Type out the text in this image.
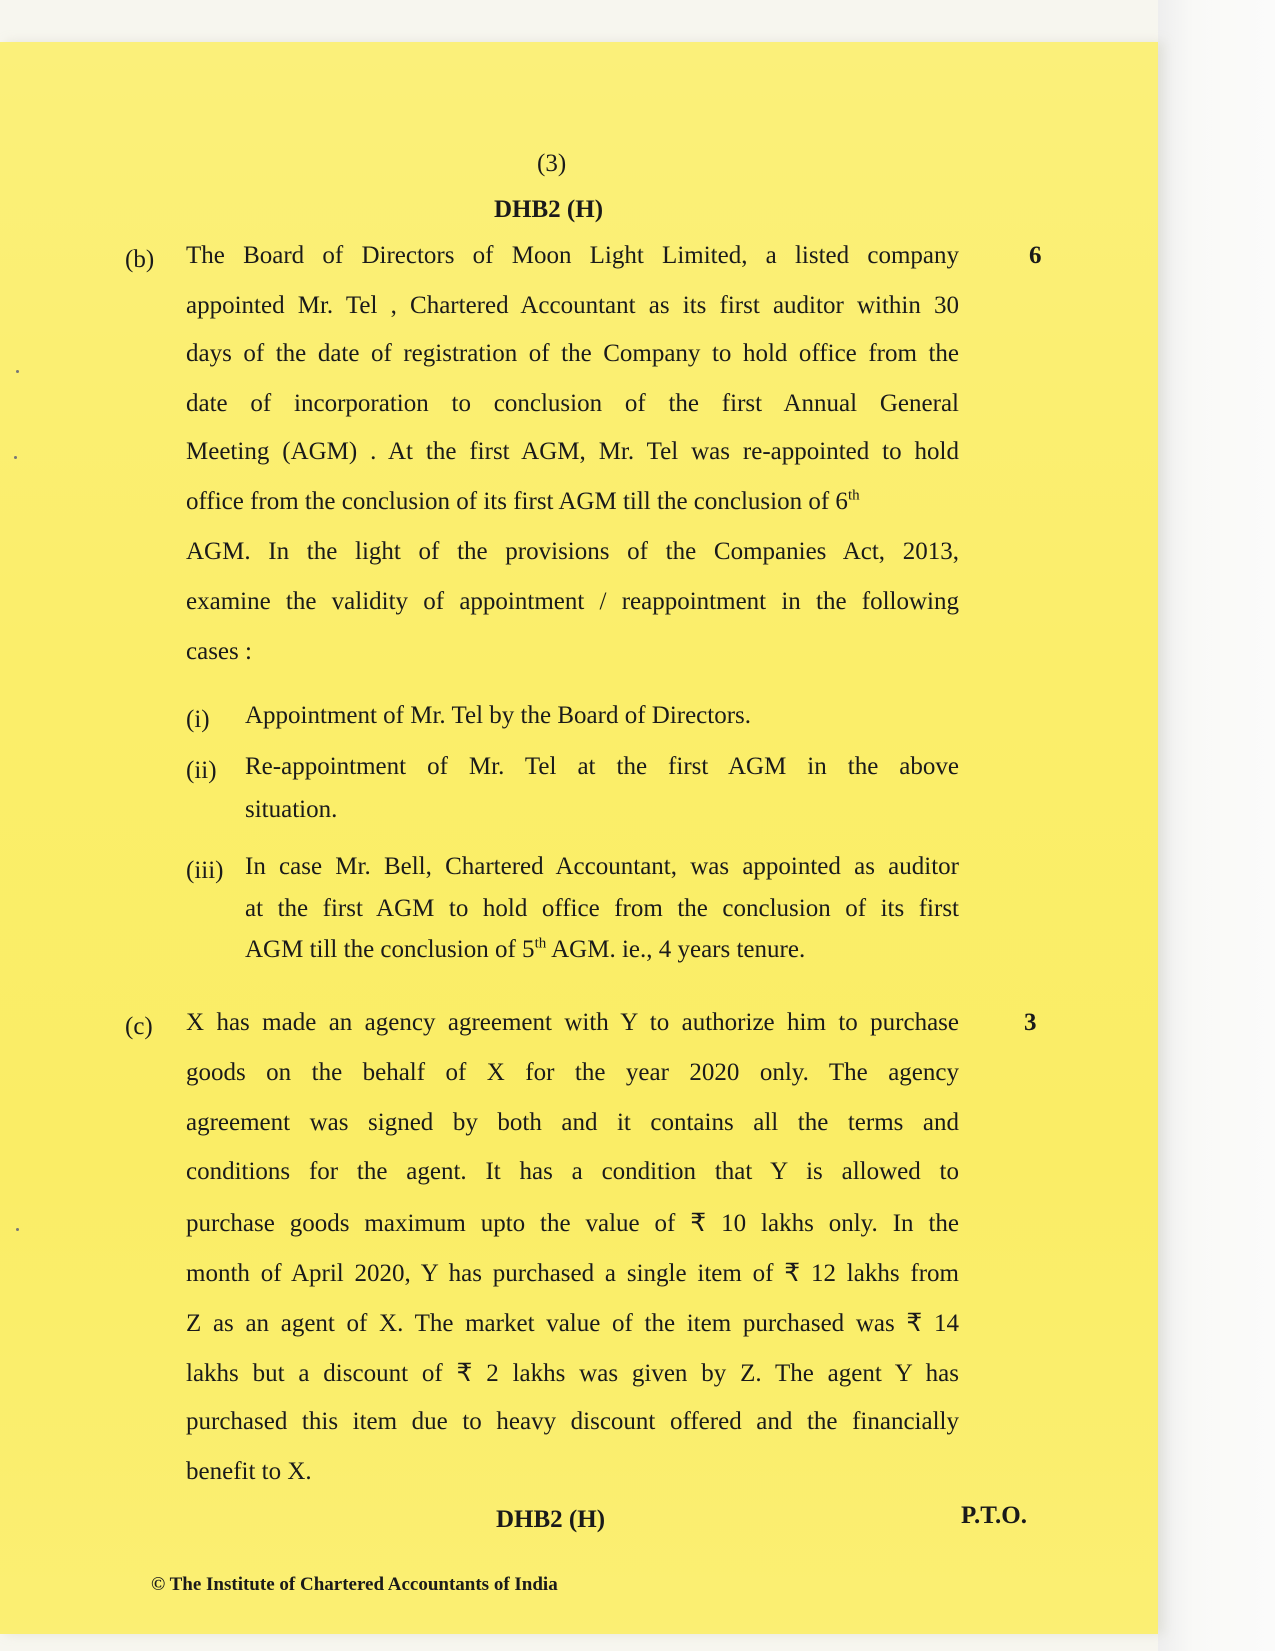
(3)
DHB2 (H)
(b)	6
The Board of Directors of Moon Light Limited, a listed company
appointed Mr. Tel , Chartered Accountant as its first auditor within 30
days of the date of registration of the Company to hold office from the
date of incorporation to conclusion of the first Annual General
Meeting (AGM) . At the first AGM, Mr. Tel was re-appointed to hold
office from the conclusion of its first AGM till the conclusion of 6th
AGM. In the light of the provisions of the Companies Act, 2013,
examine the validity of appointment / reappointment in the following
cases :
(i) Appointment of Mr. Tel by the Board of Directors.
(ii) Re-appointment of Mr. Tel at the first AGM in the above
situation.
(iii) In case Mr. Bell, Chartered Accountant, was appointed as auditor
at the first AGM to hold office from the conclusion of its first
AGM till the conclusion of 5th AGM. ie., 4 years tenure.
(c)	3
X has made an agency agreement with Y to authorize him to purchase
goods on the behalf of X for the year 2020 only. The agency
agreement was signed by both and it contains all the terms and
conditions for the agent. It has a condition that Y is allowed to
purchase goods maximum upto the value of ₹ 10 lakhs only. In the
month of April 2020, Y has purchased a single item of ₹ 12 lakhs from
Z as an agent of X. The market value of the item purchased was ₹ 14
lakhs but a discount of ₹ 2 lakhs was given by Z. The agent Y has
purchased this item due to heavy discount offered and the financially
benefit to X.
DHB2 (H)	P.T.O.
© The Institute of Chartered Accountants of India
